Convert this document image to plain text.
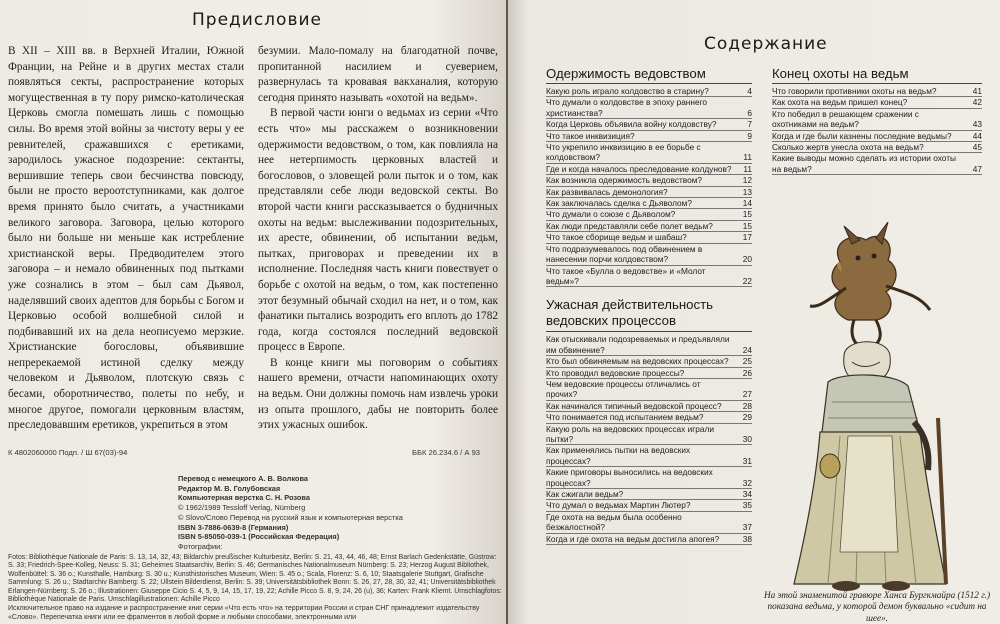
Предисловие

В XII – XIII вв. в Верхней Италии, Южной Франции, на Рейне и в других местах стали появляться секты, распространение которых могуществeнная в ту пору римско-католическая Церковь смогла помешать лишь с помощью силы. Во время этой войны за чистоту веры у ее ревнителей, сражавшихся с еретиками, зародилось ужасное подозрение: сектанты, вершившие теперь свои бесчинства повсюду, были не просто вероотступниками, как долгое время принято было считать, а участниками великого заговора. Заговора, целью которого было ни больше ни меньше как истребление христианской веры. Предводителем этого заговора – и немало обвиненных под пытками уже сознались в этом – был сам Дьявол, наделявший своих адептов для борьбы с Богом и Церковью особой волшебной силой и подбивавший их на дела неописуемо мерзкие. Христианские богословы, объявившие непререкаемой истиной сделку между человеком и Дьяволом, плотскую связь с бесами, оборотничество, полеты по небу, и многое другое, помогали церковным властям, преследовавшим еретиков, укрепиться в этом

безумии. Мало-помалу на благодатной почве, пропитанной насилием и суеверием, развернулась та кровавая вакханалия, которую сегодня принято называть «охотой на ведьм».

В первой части юнги о ведьмах из серии «Что есть что» мы расскажем о возникновении одержимости ведовством, о том, как повлияла на нее нетерпимость церковных властей и богословов, о зловещей роли пыток и о том, как представляли себе люди ведовской секты. Во второй части книги рассказывается о будничных охоты на ведьм: выслеживании подозрительных, их аресте, обвинении, об испытании ведьм, пытках, приговорах и преведении их в исполнение. Последняя часть книги повествует о борьбе с охотой на ведьм, о том, как постепенно этот безумный обычай сходил на нет, и о том, как фанатики пытались возродить его вплоть до 1782 года, когда состоялся последний ведовской процесс в Европе.

В конце книги мы поговорим о событиях нашего времени, отчасти напоминающих охоту на ведьм. Они должны помочь нам извлечь уроки из опыта прошлого, дабы не повторить более этих ужасных ошибок.

К 4802060000 Подп. / Ш 67(03)-94	ББК 26.234.6 / А 93
Перевод с немецкого А. В. Волкова
Редактор М. В. Голубовская
Компьютерная верстка С. Н. Розова
© 1962/1989 Tessloff Verlag, Nürnberg
© Slovo/Слово Перевод на русский язык и компьютерная верстка
ISBN 3-7886-0639-8 (Германия)
ISBN 5-85050-039-1 (Российская Федерация)
Фотографии:
Fotos: Bibliothèque Nationale de Paris: S. 13, 14, 32, 43; Bildarchiv preußischer Kulturbesitz, Berlin: S. 21, 43, 44, 46, 48; Ernst Barlach Gedenkstätte, Güstrow: S. 33; Friedrich-Spee-Kolleg, Neuss: S. 31; Geheimes Staatsarchiv, Berlin: S. 46; Germanisches Nationalmuseum Nürnberg: S. 23; Herzog August Bibliothek, Wolfenbüttel: S. 36 o.; Kunsthalle, Hamburg: S. 30 u.; Kunsthistorisches Museum, Wien: S. 45 o.; Scala, Florenz: S. 6, 10; Staatsgalerie Stuttgart, Grafische Sammlung: S. 26 u.; Stadtarchiv Bamberg: S. 22; Ullstein Bilderdienst, Berlin: S. 39; Universitätsbibliothek Bonn: S. 26, 27, 28, 30, 32, 41; Universitätsbibliothek Erlangen-Nürnberg: S. 26 o.; Illustrationen: Giuseppe Cicio S. 4, 5, 9, 14, 15, 17, 19, 22; Achille Picco S. 8, 9, 24, 26 (u), 36; Karten: Frank Kliemt. Umschlagfotos: Bibliothèque Nationale de Paris. Umschlagillustrationen: Achille Picco
Исключительное право на издание и распространение книг серии «Что есть что» на территории России и стран СНГ принадлежит издательству «Слово». Перепечатка книги или ее фрагментов в любой форме и любыми способами, электронными или
Содержание
Одержимость ведовством
Какую роль играло колдовство в старину?	4
Что думали о колдовстве в эпоху раннего христианства?	6
Когда Церковь объявила войну колдовству?	7
Что такое инквизиция?	9
Что укрепило инквизицию в ее борьбе с колдовством?	11
Где и когда началось преследование колдунов?	11
Как возникла одержимость ведовством?	12
Как развивалась демонология?	13
Как заключалась сделка с Дьяволом?	14
Что думали о союзе с Дьяволом?	15
Как люди представляли себе полет ведьм?	15
Что такое сборище ведьм и шабаш?	17
Что подразумевалось под обвинением в нанесении порчи колдовством?	20
Что такое «Булла о ведовстве» и «Молот ведьм»?	22
Ужасная действительность ведовских процессов
Как отыскивали подозреваемых и предъявляли им обвинение?	24
Кто был обвиняемым на ведовских процессах?	25
Кто проводил ведовские процессы?	26
Чем ведовские процессы отличались от прочих?	27
Как начинался типичный ведовской процесс?	28
Что понимается под испытанием ведьм?	29
Какую роль на ведовских процессах играли пытки?	30
Как применялись пытки на ведовских процессах?	31
Какие приговоры выносились на ведовских процессах?	32
Как сжигали ведьм?	34
Что думал о ведьмах Мартин Лютер?	35
Где охота на ведьм была особенно безжалостной?	37
Когда и где охота на ведьм достигла апогея?	38
Конец охоты на ведьм
Что говорили противники охоты на ведьм?	41
Как охота на ведьм пришел конец?	42
Кто победил в решающем сражении с охотниками на ведьм?	43
Когда и где были казнены последние ведьмы?	44
Сколько жертв унесла охота на ведьм?	45
Какие выводы можно сделать из истории охоты на ведьм?	47
На этой знаменитой гравюре Ханса Бургкмайра (1512 г.) показана ведьма, у которой демон буквально «сидит на шее».
